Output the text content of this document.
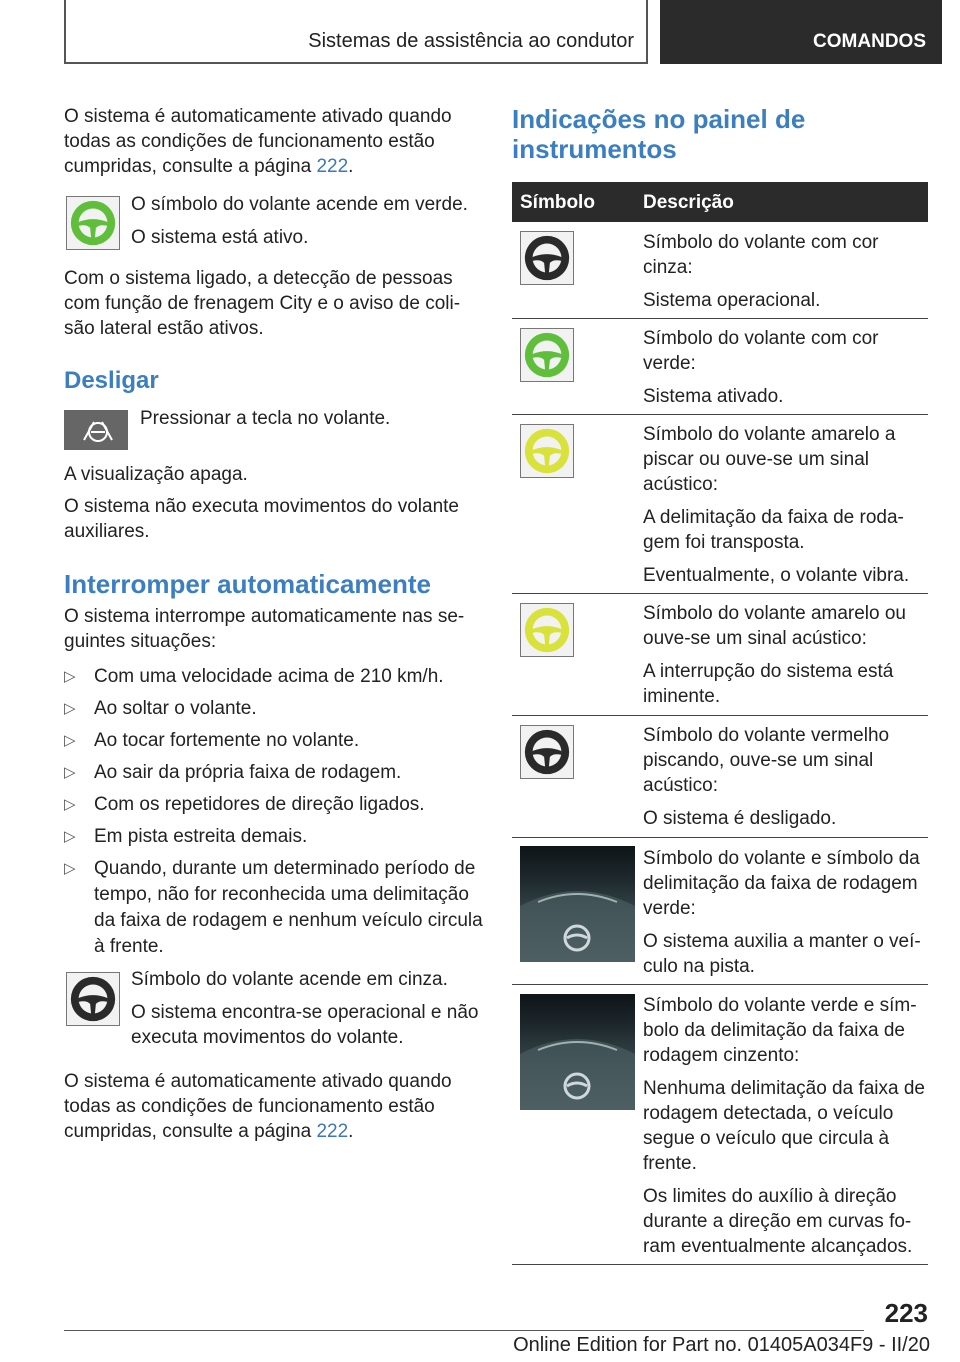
Sistemas de assistência ao condutor	COMANDOS
O sistema é automaticamente ativado quando todas as condições de funcionamento estão cumpridas, consulte a página 222.
O símbolo do volante acende em verde.
O sistema está ativo.
Com o sistema ligado, a detecção de pessoas com função de frenagem City e o aviso de coli-são lateral estão ativos.
Desligar
Pressionar a tecla no volante.
A visualização apaga.
O sistema não executa movimentos do volante auxiliares.
Interromper automaticamente
O sistema interrompe automaticamente nas se-guintes situações:
▷ Com uma velocidade acima de 210 km/h.
▷ Ao soltar o volante.
▷ Ao tocar fortemente no volante.
▷ Ao sair da própria faixa de rodagem.
▷ Com os repetidores de direção ligados.
▷ Em pista estreita demais.
▷ Quando, durante um determinado período de tempo, não for reconhecida uma delimitação da faixa de rodagem e nenhum veículo circula à frente.
Símbolo do volante acende em cinza.
O sistema encontra-se operacional e não executa movimentos do volante.
O sistema é automaticamente ativado quando todas as condições de funcionamento estão cumpridas, consulte a página 222.
Indicações no painel de instrumentos
Símbolo	Descrição
Símbolo do volante com cor cinza:
Sistema operacional.
Símbolo do volante com cor verde:
Sistema ativado.
Símbolo do volante amarelo a piscar ou ouve-se um sinal acústico:
A delimitação da faixa de roda-gem foi transposta.
Eventualmente, o volante vibra.
Símbolo do volante amarelo ou ouve-se um sinal acústico:
A interrupção do sistema está iminente.
Símbolo do volante vermelho piscando, ouve-se um sinal acústico:
O sistema é desligado.
Símbolo do volante e símbolo da delimitação da faixa de rodagem verde:
O sistema auxilia a manter o veí-culo na pista.
Símbolo do volante verde e sím-bolo da delimitação da faixa de rodagem cinzento:
Nenhuma delimitação da faixa de rodagem detectada, o veículo segue o veículo que circula à frente.
Os limites do auxílio à direção durante a direção em curvas fo-ram eventualmente alcançados.
223
Online Edition for Part no. 01405A034F9 - II/20
